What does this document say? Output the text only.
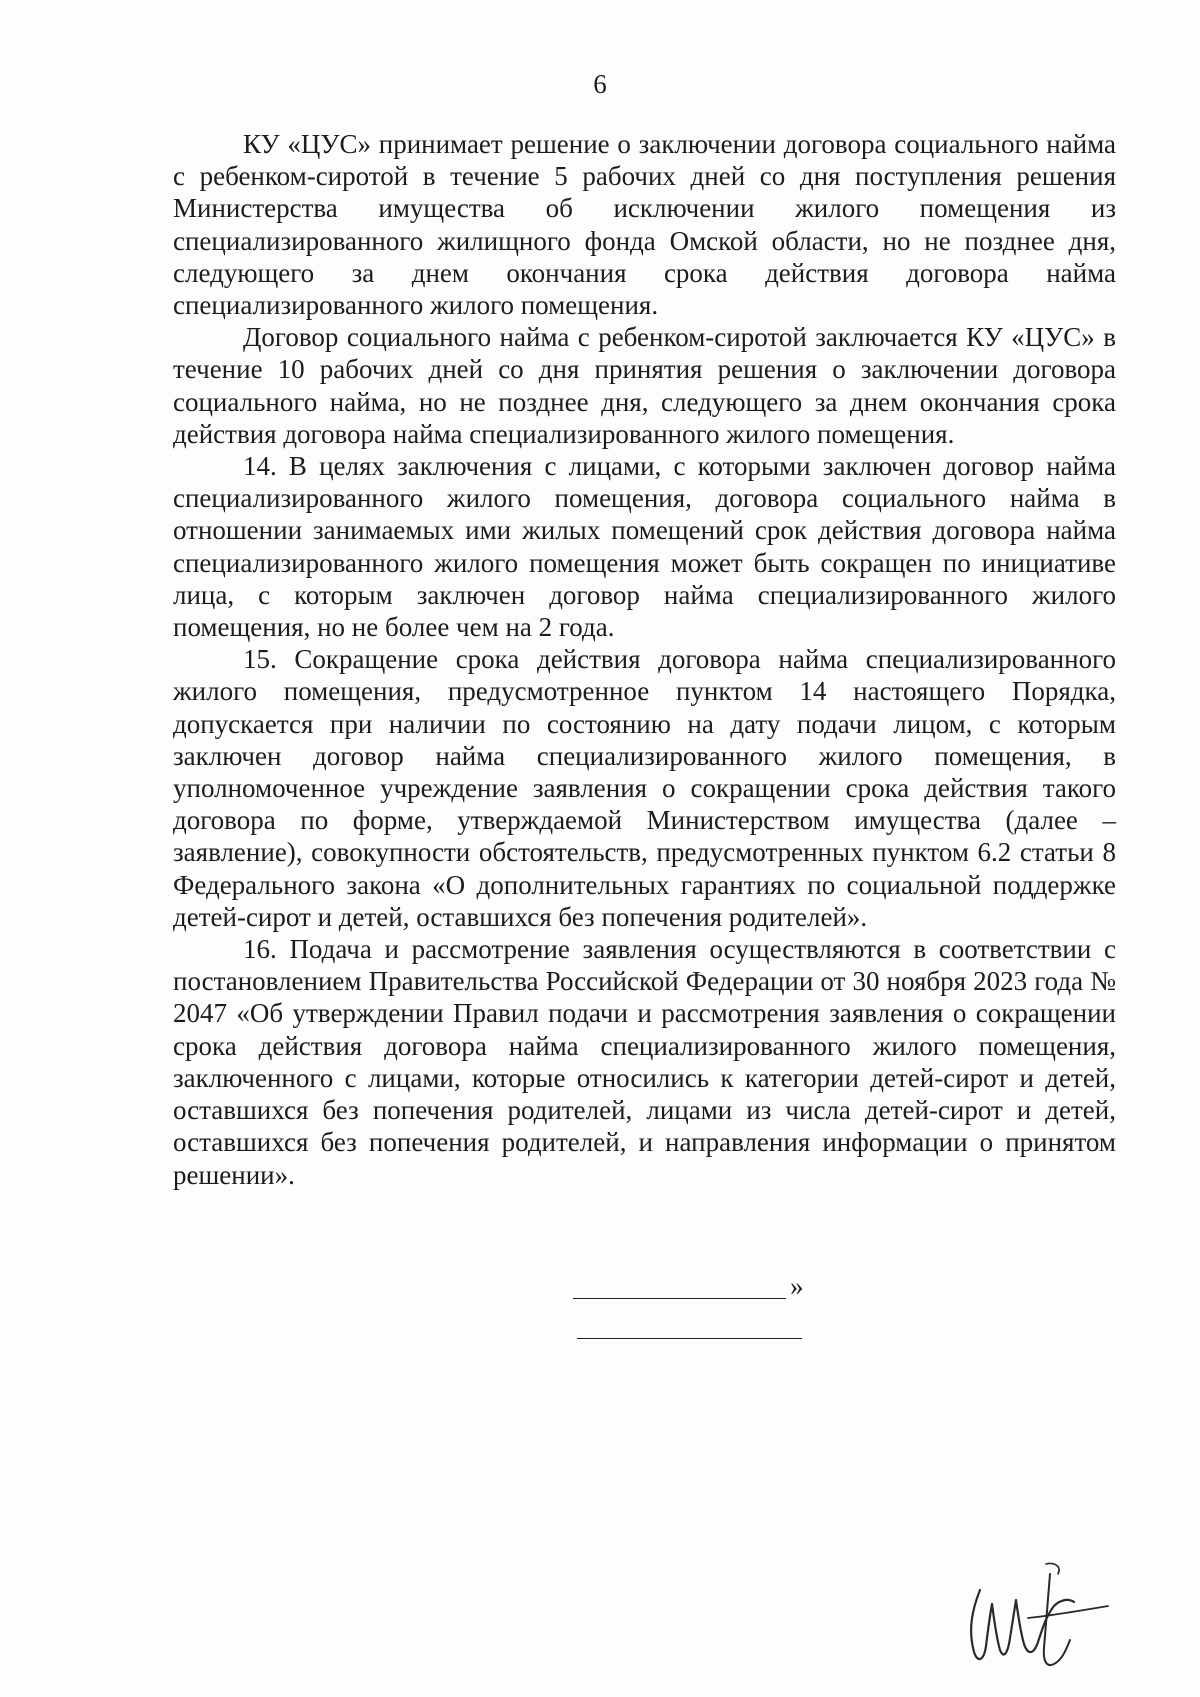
6

КУ «ЦУС» принимает решение о заключении договора социального найма с ребенком-сиротой в течение 5 рабочих дней со дня поступления решения Министерства имущества об исключении жилого помещения из специализированного жилищного фонда Омской области, но не позднее дня, следующего за днем окончания срока действия договора найма специализированного жилого помещения.

Договор социального найма с ребенком-сиротой заключается КУ «ЦУС» в течение 10 рабочих дней со дня принятия решения о заключении договора социального найма, но не позднее дня, следующего за днем окончания срока действия договора найма специализированного жилого помещения.

14. В целях заключения с лицами, с которыми заключен договор найма специализированного жилого помещения, договора социального найма в отношении занимаемых ими жилых помещений срок действия договора найма специализированного жилого помещения может быть сокращен по инициативе лица, с которым заключен договор найма специализированного жилого помещения, но не более чем на 2 года.

15. Сокращение срока действия договора найма специализированного жилого помещения, предусмотренное пунктом 14 настоящего Порядка, допускается при наличии по состоянию на дату подачи лицом, с которым заключен договор найма специализированного жилого помещения, в уполномоченное учреждение заявления о сокращении срока действия такого договора по форме, утверждаемой Министерством имущества (далее – заявление), совокупности обстоятельств, предусмотренных пунктом 6.2 статьи 8 Федерального закона «О дополнительных гарантиях по социальной поддержке детей-сирот и детей, оставшихся без попечения родителей».

16. Подача и рассмотрение заявления осуществляются в соответствии с постановлением Правительства Российской Федерации от 30 ноября 2023 года № 2047 «Об утверждении Правил подачи и рассмотрения заявления о сокращении срока действия договора найма специализированного жилого помещения, заключенного с лицами, которые относились к категории детей-сирот и детей, оставшихся без попечения родителей, лицами из числа детей-сирот и детей, оставшихся без попечения родителей, и направления информации о принятом решении».

»
